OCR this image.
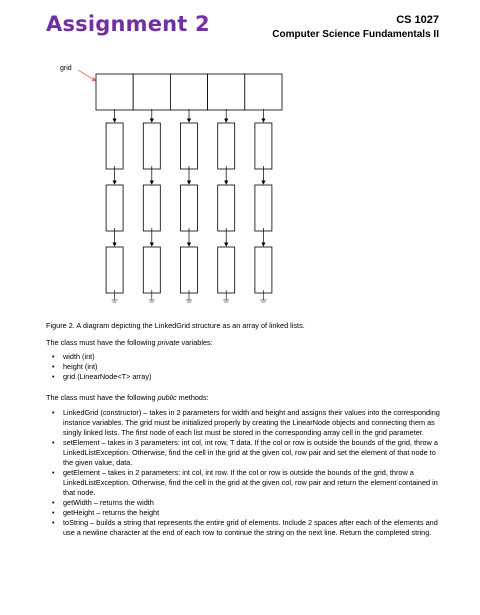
Assignment 2	CS 1027
Computer Science Fundamentals II
grid
Figure 2. A diagram depicting the LinkedGrid structure as an array of linked lists.
The class must have the following private variables:
• width (int)
• height (int)
• grid (LinearNode<T> array)
The class must have the following public methods:
• LinkedGrid (constructor) – takes in 2 parameters for width and height and assigns their values into the corresponding instance variables. The grid must be initialized properly by creating the LinearNode objects and connecting them as singly linked lists. The first node of each list must be stored in the corresponding array cell in the grid parameter.
• setElement – takes in 3 parameters: int col, int row, T data. If the col or row is outside the bounds of the grid, throw a LinkedListException. Otherwise, find the cell in the grid at the given col, row pair and set the element of that node to the given value, data.
• getElement – takes in 2 parameters: int col, int row. If the col or row is outside the bounds of the grid, throw a LinkedListException. Otherwise, find the cell in the grid at the given col, row pair and return the element contained in that node.
• getWidth – returns the width
• getHeight – returns the height
• toString – builds a string that represents the entire grid of elements. Include 2 spaces after each of the elements and use a newline character at the end of each row to continue the string on the next line. Return the completed string.
